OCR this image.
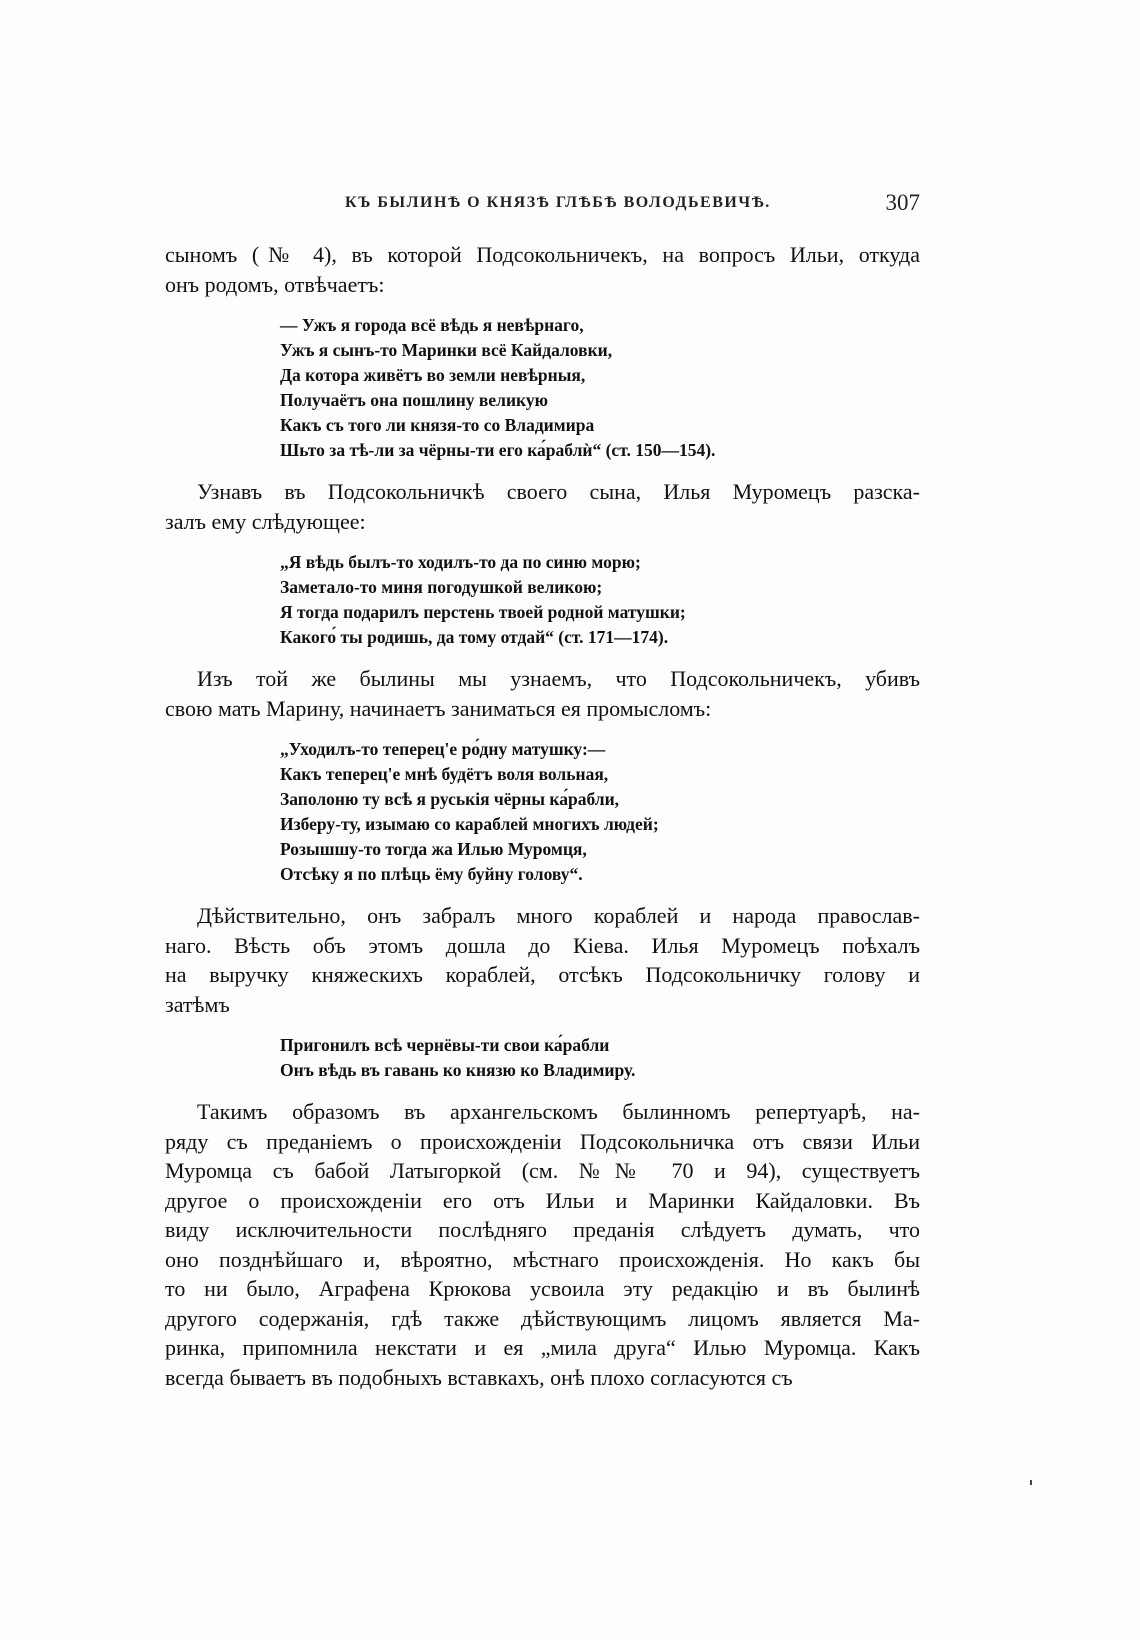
КЪ БЫЛИНѢ О КНЯЗѢ ГЛѢБѢ ВОЛОДЬЕВИЧѢ.	307
сыномъ (№ 4), въ которой Подсокольничекъ, на вопросъ Ильи, откуда
онъ родомъ, отвѣчаетъ:
— Ужъ я города всё вѣдь я невѣрнаго,
Ужъ я сынъ-то Маринки всё Кайдаловки,
Да котора живётъ во земли невѣрныя,
Получаётъ она пошлину великую
Какъ съ того ли князя-то со Владимира
Шьто за тѣ-ли за чёрны-ти его ка́раблѝ“ (ст. 150—154).
Узнавъ въ Подсокольничкѣ своего сына, Илья Муромецъ разска-
залъ ему слѣдующее:
„Я вѣдь былъ-то ходилъ-то да по синю морю;
Заметало-то миня погодушкой великою;
Я тогда подарилъ перстень твоей родной матушки;
Какого́ ты родишь, да тому отдай“ (ст. 171—174).
Изъ той же былины мы узнаемъ, что Подсокольничекъ, убивъ
свою мать Марину, начинаетъ заниматься ея промысломъ:
„Уходилъ-то теперец'е ро́дну матушку:—
Какъ теперец'е мнѣ будётъ воля вольная,
Заполоню ту всѣ я руськія чёрны ка́рабли,
Изберу-ту, изымаю со караблей многихъ людей;
Розышшу-то тогда жа Илью Муромця,
Отсѣку я по плѣць ёму буйну голову“.
Дѣйствительно, онъ забралъ много кораблей и народа православ-
наго. Вѣсть объ этомъ дошла до Кіева. Илья Муромецъ поѣхалъ
на выручку княжескихъ кораблей, отсѣкъ Подсокольничку голову и
затѣмъ
Пригонилъ всѣ чернёвы-ти свои ка́рабли
Онъ вѣдь въ гавань ко князю ко Владимиру.
Такимъ образомъ въ архангельскомъ былинномъ репертуарѣ, на-
ряду съ преданіемъ о происхожденіи Подсокольничка отъ связи Ильи
Муромца съ бабой Латыгоркой (см. №№ 70 и 94), существуетъ
другое о происхожденіи его отъ Ильи и Маринки Кайдаловки. Въ
виду исключительности послѣдняго преданія слѣдуетъ думать, что
оно позднѣйшаго и, вѣроятно, мѣстнаго происхожденія. Но какъ бы
то ни было, Аграфена Крюкова усвоила эту редакцію и въ былинѣ
другого содержанія, гдѣ также дѣйствующимъ лицомъ является Ма-
ринка, припомнила некстати и ея „мила друга“ Илью Муромца. Какъ
всегда бываетъ въ подобныхъ вставкахъ, онѣ плохо согласуются съ
